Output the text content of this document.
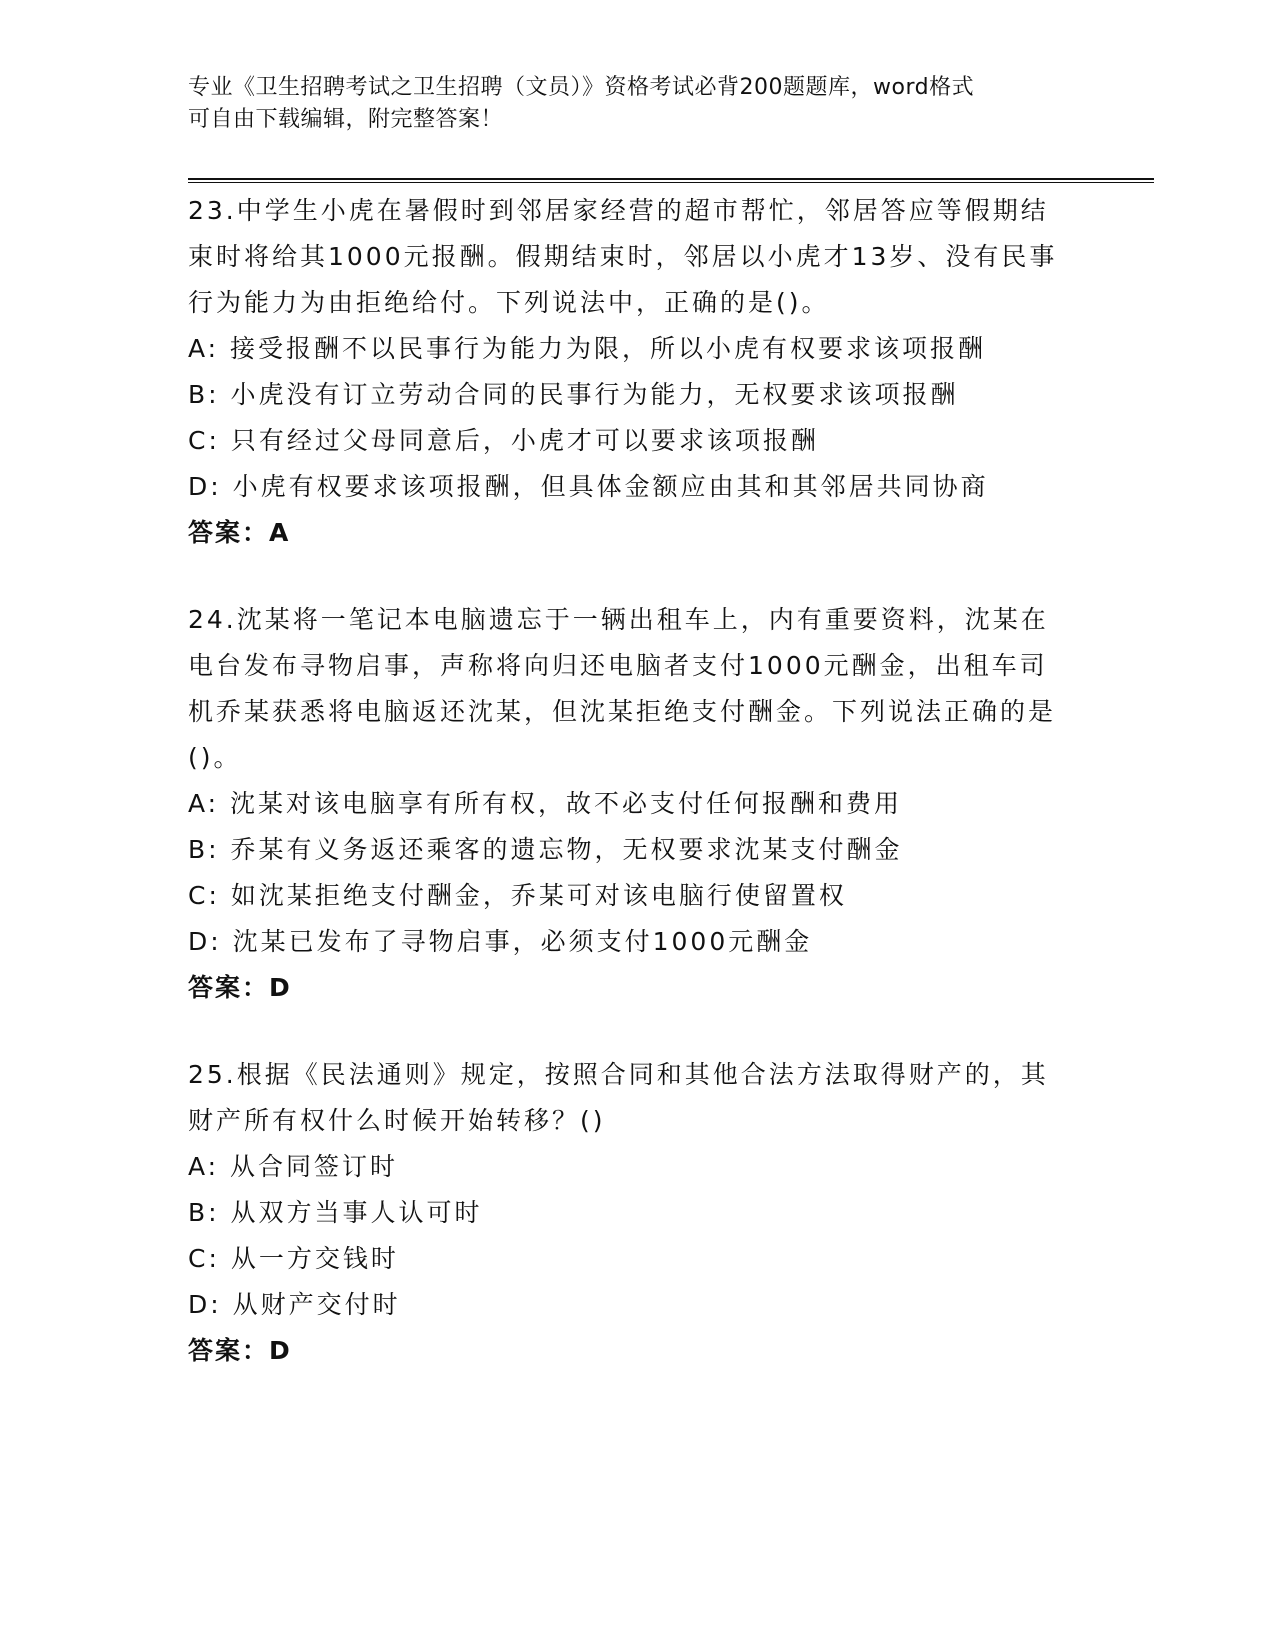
专业《卫生招聘考试之卫生招聘（文员）》资格考试必背200题题库，word格式
可自由下载编辑，附完整答案！

23.中学生小虎在暑假时到邻居家经营的超市帮忙，邻居答应等假期结束时将给其1000元报酬。假期结束时，邻居以小虎才13岁、没有民事行为能力为由拒绝给付。下列说法中，正确的是()。

A: 接受报酬不以民事行为能力为限，所以小虎有权要求该项报酬

B: 小虎没有订立劳动合同的民事行为能力，无权要求该项报酬

C: 只有经过父母同意后，小虎才可以要求该项报酬

D: 小虎有权要求该项报酬，但具体金额应由其和其邻居共同协商

答案：A

24.沈某将一笔记本电脑遗忘于一辆出租车上，内有重要资料，沈某在电台发布寻物启事，声称将向归还电脑者支付1000元酬金，出租车司机乔某获悉将电脑返还沈某，但沈某拒绝支付酬金。下列说法正确的是()。

A: 沈某对该电脑享有所有权，故不必支付任何报酬和费用

B: 乔某有义务返还乘客的遗忘物，无权要求沈某支付酬金

C: 如沈某拒绝支付酬金，乔某可对该电脑行使留置权

D: 沈某已发布了寻物启事，必须支付1000元酬金

答案：D

25.根据《民法通则》规定，按照合同和其他合法方法取得财产的，其财产所有权什么时候开始转移？()

A: 从合同签订时

B: 从双方当事人认可时

C: 从一方交钱时

D: 从财产交付时

答案：D
